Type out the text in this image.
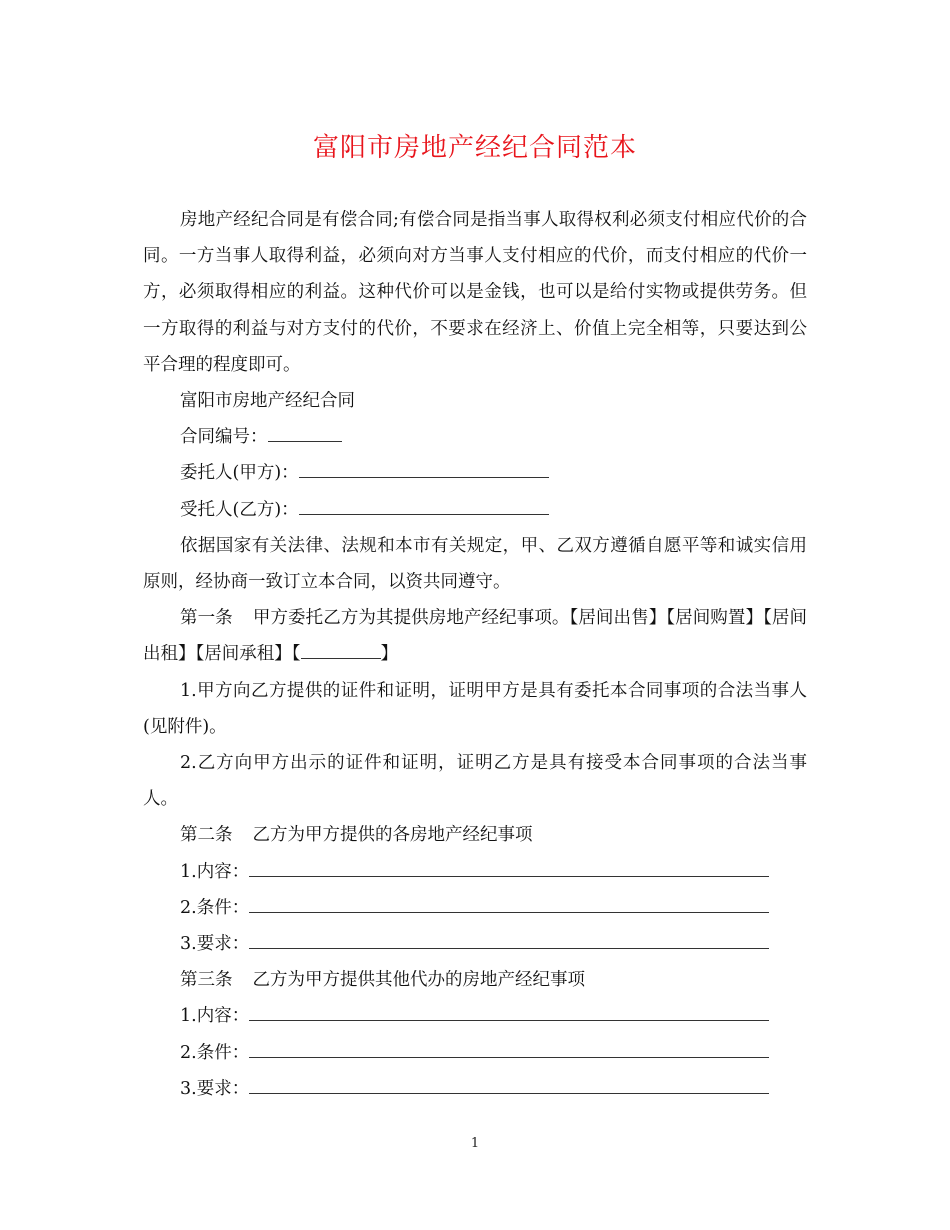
富阳市房地产经纪合同范本

房地产经纪合同是有偿合同;有偿合同是指当事人取得权利必须支付相应代价的合同。一方当事人取得利益，必须向对方当事人支付相应的代价，而支付相应的代价一方，必须取得相应的利益。这种代价可以是金钱，也可以是给付实物或提供劳务。但一方取得的利益与对方支付的代价，不要求在经济上、价值上完全相等，只要达到公平合理的程度即可。

富阳市房地产经纪合同

合同编号：

委托人(甲方)：

受托人(乙方)：

依据国家有关法律、法规和本市有关规定，甲、乙双方遵循自愿平等和诚实信用原则，经协商一致订立本合同，以资共同遵守。

第一条 甲方委托乙方为其提供房地产经纪事项。【居间出售】【居间购置】【居间出租】【居间承租】【	】

1.甲方向乙方提供的证件和证明，证明甲方是具有委托本合同事项的合法当事人(见附件)。

2.乙方向甲方出示的证件和证明，证明乙方是具有接受本合同事项的合法当事人。

第二条 乙方为甲方提供的各房地产经纪事项

1.内容：

2.条件：

3.要求：

第三条 乙方为甲方提供其他代办的房地产经纪事项

1.内容：

2.条件：

3.要求：

1
